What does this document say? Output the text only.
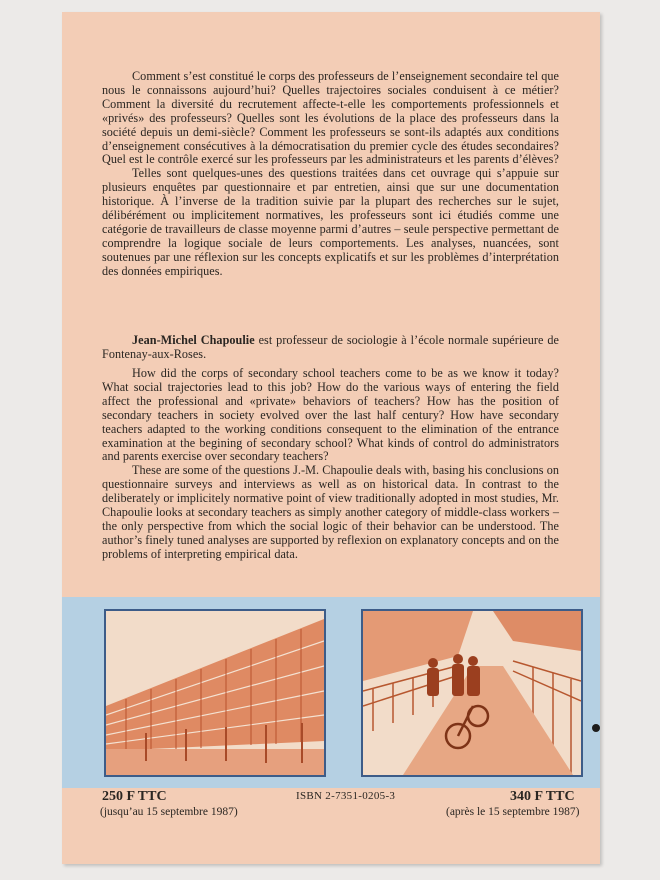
Comment s’est constitué le corps des professeurs de l’enseignement secondaire tel que nous le connaissons aujourd’hui? Quelles trajectoires sociales conduisent à ce métier? Comment la diversité du recrutement affecte-t-elle les comportements professionnels et «privés» des professeurs? Quelles sont les évolutions de la place des professeurs dans la société depuis un demi-siècle? Comment les professeurs se sont-ils adaptés aux conditions d’enseignement consécutives à la démocratisation du premier cycle des études secondaires? Quel est le contrôle exercé sur les professeurs par les administrateurs et les parents d’élèves?

Telles sont quelques-unes des questions traitées dans cet ouvrage qui s’appuie sur plusieurs enquêtes par questionnaire et par entretien, ainsi que sur une documentation historique. À l’inverse de la tradition suivie par la plupart des recherches sur le sujet, délibérément ou implicitement normatives, les professeurs sont ici étudiés comme une catégorie de travailleurs de classe moyenne parmi d’autres – seule perspective permettant de comprendre la logique sociale de leurs comportements. Les analyses, nuancées, sont soutenues par une réflexion sur les concepts explicatifs et sur les problèmes d’interprétation des données empiriques.

Jean-Michel Chapoulie est professeur de sociologie à l’école normale supérieure de Fontenay-aux-Roses.

How did the corps of secondary school teachers come to be as we know it today? What social trajectories lead to this job? How do the various ways of entering the field affect the professional and «private» behaviors of teachers? How has the position of secondary teachers in society evolved over the last half century? How have secondary teachers adapted to the working conditions consequent to the elimination of the entrance examination at the begining of secondary school? What kinds of control do administrators and parents exercise over secondary teachers?

These are some of the questions J.-M. Chapoulie deals with, basing his conclusions on questionnaire surveys and interviews as well as on historical data. In contrast to the deliberately or implicitely normative point of view traditionally adopted in most studies, Mr. Chapoulie looks at secondary teachers as simply another category of middle-class workers – the only perspective from which the social logic of their behavior can be understood. The author’s finely tuned analyses are supported by reflexion on explanatory concepts and on the problems of interpreting empirical data.

250 F TTC
(jusqu’au 15 septembre 1987)
ISBN 2-7351-0205-3	340 F TTC
(après le 15 septembre 1987)
